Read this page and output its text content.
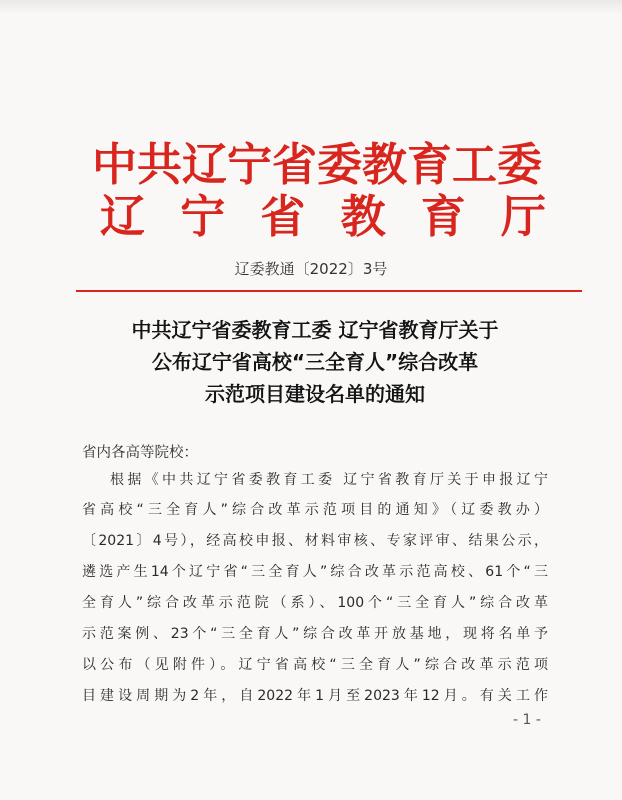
中共辽宁省委教育工委
辽宁省教育厅
辽委教通〔2022〕3号
中共辽宁省委教育工委 辽宁省教育厅关于
公布辽宁省高校“三全育人”综合改革
示范项目建设名单的通知
省内各高等院校：
根据《中共辽宁省委教育工委 辽宁省教育厅关于申报辽宁
省高校“三全育人”综合改革示范项目的通知》（辽委教办）
〔2021〕4号），经高校申报、材料审核、专家评审、结果公示，
遴选产生14个辽宁省“三全育人”综合改革示范高校、61个“三
全育人”综合改革示范院（系）、100个“三全育人”综合改革
示范案例、23个“三全育人”综合改革开放基地，现将名单予
以公布（见附件）。辽宁省高校“三全育人”综合改革示范项
目建设周期为2年，自2022年1月至2023年12月。有关工作
- 1 -
